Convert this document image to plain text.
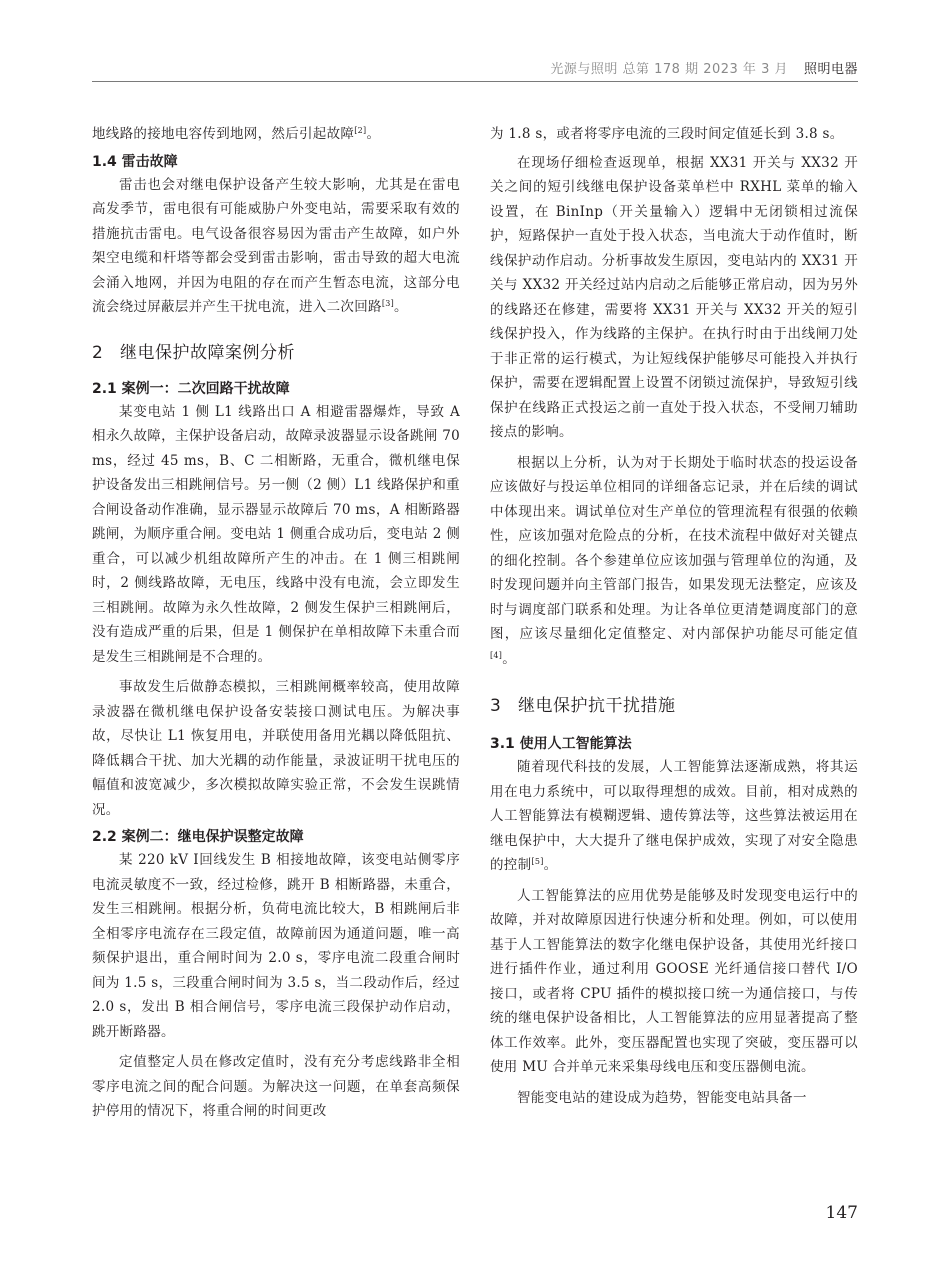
光源与照明 总第 178 期 2023 年 3 月 照明电器

地线路的接地电容传到地网，然后引起故障[2]。

1.4 雷击故障

雷击也会对继电保护设备产生较大影响，尤其是在雷电高发季节，雷电很有可能威胁户外变电站，需要采取有效的措施抗击雷电。电气设备很容易因为雷击产生故障，如户外架空电缆和杆塔等都会受到雷击影响，雷击导致的超大电流会涌入地网，并因为电阻的存在而产生暂态电流，这部分电流会绕过屏蔽层并产生干扰电流，进入二次回路[3]。

2 继电保护故障案例分析
2.1 案例一：二次回路干扰故障

某变电站 1 侧 L1 线路出口 A 相避雷器爆炸，导致 A 相永久故障，主保护设备启动，故障录波器显示设备跳闸 70 ms，经过 45 ms，B、C 二相断路，无重合，微机继电保护设备发出三相跳闸信号。另一侧（2 侧）L1 线路保护和重合闸设备动作准确，显示器显示故障后 70 ms，A 相断路器跳闸，为顺序重合闸。变电站 1 侧重合成功后，变电站 2 侧重合，可以减少机组故障所产生的冲击。在 1 侧三相跳闸时，2 侧线路故障，无电压，线路中没有电流，会立即发生三相跳闸。故障为永久性故障，2 侧发生保护三相跳闸后，没有造成严重的后果，但是 1 侧保护在单相故障下未重合而是发生三相跳闸是不合理的。

事故发生后做静态模拟，三相跳闸概率较高，使用故障录波器在微机继电保护设备安装接口测试电压。为解决事故，尽快让 L1 恢复用电，并联使用备用光耦以降低阻抗、降低耦合干扰、加大光耦的动作能量，录波证明干扰电压的幅值和波宽减少，多次模拟故障实验正常，不会发生误跳情况。

2.2 案例二：继电保护误整定故障

某 220 kV Ⅰ回线发生 B 相接地故障，该变电站侧零序电流灵敏度不一致，经过检修，跳开 B 相断路器，未重合，发生三相跳闸。根据分析，负荷电流比较大，B 相跳闸后非全相零序电流存在三段定值，故障前因为通道问题，唯一高频保护退出，重合闸时间为 2.0 s，零序电流二段重合闸时间为 1.5 s，三段重合闸时间为 3.5 s，当二段动作后，经过 2.0 s，发出 B 相合闸信号，零序电流三段保护动作启动，跳开断路器。

定值整定人员在修改定值时，没有充分考虑线路非全相零序电流之间的配合问题。为解决这一问题，在单套高频保护停用的情况下，将重合闸的时间更改

为 1.8 s，或者将零序电流的三段时间定值延长到 3.8 s。

在现场仔细检查返现单，根据 XX31 开关与 XX32 开关之间的短引线继电保护设备菜单栏中 RXHL 菜单的输入设置，在 BinInp（开关量输入）逻辑中无闭锁相过流保护，短路保护一直处于投入状态，当电流大于动作值时，断线保护动作启动。分析事故发生原因，变电站内的 XX31 开关与 XX32 开关经过站内启动之后能够正常启动，因为另外的线路还在修建，需要将 XX31 开关与 XX32 开关的短引线保护投入，作为线路的主保护。在执行时由于出线闸刀处于非正常的运行模式，为让短线保护能够尽可能投入并执行保护，需要在逻辑配置上设置不闭锁过流保护，导致短引线保护在线路正式投运之前一直处于投入状态，不受闸刀辅助接点的影响。

根据以上分析，认为对于长期处于临时状态的投运设备应该做好与投运单位相同的详细备忘记录，并在后续的调试中体现出来。调试单位对生产单位的管理流程有很强的依赖性，应该加强对危险点的分析，在技术流程中做好对关键点的细化控制。各个参建单位应该加强与管理单位的沟通，及时发现问题并向主管部门报告，如果发现无法整定，应该及时与调度部门联系和处理。为让各单位更清楚调度部门的意图，应该尽量细化定值整定、对内部保护功能尽可能定值[4]。

3 继电保护抗干扰措施
3.1 使用人工智能算法

随着现代科技的发展，人工智能算法逐渐成熟，将其运用在电力系统中，可以取得理想的成效。目前，相对成熟的人工智能算法有模糊逻辑、遗传算法等，这些算法被运用在继电保护中，大大提升了继电保护成效，实现了对安全隐患的控制[5]。

人工智能算法的应用优势是能够及时发现变电运行中的故障，并对故障原因进行快速分析和处理。例如，可以使用基于人工智能算法的数字化继电保护设备，其使用光纤接口进行插件作业，通过利用 GOOSE 光纤通信接口替代 I/O 接口，或者将 CPU 插件的模拟接口统一为通信接口，与传统的继电保护设备相比，人工智能算法的应用显著提高了整体工作效率。此外，变压器配置也实现了突破，变压器可以使用 MU 合并单元来采集母线电压和变压器侧电流。

智能变电站的建设成为趋势，智能变电站具备一

147
